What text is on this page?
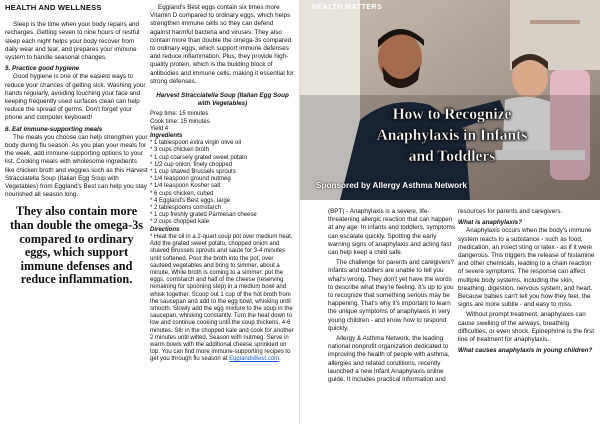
HEALTH AND WELLNESS

Sleep is the time when your body repairs and recharges. Getting seven to nine hours of restful sleep each night helps your body recover from daily wear and tear, and prepares your immune system to handle seasonal changes.

5. Practice good hygiene

Good hygiene is one of the easiest ways to reduce your chances of getting sick. Washing your hands regularly, avoiding touching your face and keeping frequently used surfaces clean can help reduce the spread of germs. Don't forget your phone and computer keyboard!

6. Eat immune-supporting meals

The meals you choose can help strengthen your body during flu season. As you plan your meals for the week, add immune-supporting options to your list. Cooking meals with wholesome ingredients like chicken broth and veggies such as this Harvest Stracciatella Soup (Italian Egg Soup with Vegetables) from Eggland's Best can help you stay nourished all season long.

They also contain more than double the omega-3s compared to ordinary eggs, which support immune defenses and reduce inflammation.

Eggland's Best eggs contain six times more Vitamin D compared to ordinary eggs, which helps strengthen immune cells so they can defend against harmful bacteria and viruses. They also contain more than double the omega-3s compared to ordinary eggs, which support immune defenses and reduce inflammation. Plus, they provide high-quality protein, which is the building block of antibodies and immune cells, making it essential for strong defenses.

Harvest Stracciatella Soup (Italian Egg Soup with Vegetables)
Prep time: 15 minutes
Cook time: 15 minutes
Yield 4
Ingredients
* 1 tablespoon extra virgin olive oil
* 3 cups chicken broth
* 1 cup coarsely grated sweet potato
* 1/2 cup onion, finely chopped
* 1 cup shaved Brussels sprouts
* 1/4 teaspoon ground nutmeg
* 1/4 teaspoon Kosher salt
* 6 cups chicken, cubed
* 4 Eggland's Best eggs, large
* 2 tablespoons cornstarch
* 1 cup freshly grated Parmesan cheese
* 2 cups chopped kale
Directions
* Heat the oil in a 2-quart soup pot over medium heat. Add the grated sweet potato, chopped onion and shaved Brussels sprouts and saute for 3-4 minutes until softened. Pour the broth into the pot, over sauteed vegetables and bring to simmer, about a minute. While broth is coming to a simmer, put the eggs, cornstarch and half of the cheese (reserving remaining for spooning step) in a medium bowl and whisk together. Scoop out 1 cup of the hot broth from the saucepan and add to the egg bowl, whisking until smooth. Slowly add the egg mixture to the soup in the saucepan, whisking constantly. Turn the heat down to low and continue cooking until the soup thickens, 4-6 minutes. Stir in the chopped kale and cook for another 2 minutes until wilted. Season with nutmeg. Serve in warm bowls with the additional cheese sprinkled on top. You can find more immune-supporting recipes to get you through flu season at EgglandsBest.com.
HEALTH MATTERS
How to Recognize
Anaphylaxis in Infants
and Toddlers
Sponsored by Allergy Asthma Network

(BPT) - Anaphylaxis is a severe, life-threatening allergic reaction that can happen at any age. In infants and toddlers, symptoms can escalate quickly. Spotting the early warning signs of anaphylaxis and acting fast can help keep a child safe.

The challenge for parents and caregivers? Infants and toddlers are unable to tell you what's wrong. They don't yet have the words to describe what they're feeling. It's up to you to recognize that something serious may be happening. That's why it's important to learn the unique symptoms of anaphylaxis in very young children - and know how to respond quickly.

Allergy & Asthma Network, the leading national nonprofit organization dedicated to improving the health of people with asthma, allergies and related conditions, recently launched a new Infant Anaphylaxis online guide. It includes practical information and

resources for parents and caregivers.

What is anaphylaxis?

Anaphylaxis occurs when the body's immune system reacts to a substance - such as food, medication, an insect sting or latex - as if it were dangerous. This triggers the release of histamine and other chemicals, leading to a chain reaction of severe symptoms. The response can affect multiple body systems, including the skin, breathing, digestion, nervous system, and heart. Because babies can't tell you how they feel, the signs are more subtle - and easy to miss.

Without prompt treatment, anaphylaxis can cause swelling of the airways, breathing difficulties, or even shock. Epinephrine is the first line of treatment for anaphylaxis.

What causes anaphylaxis in young children?
